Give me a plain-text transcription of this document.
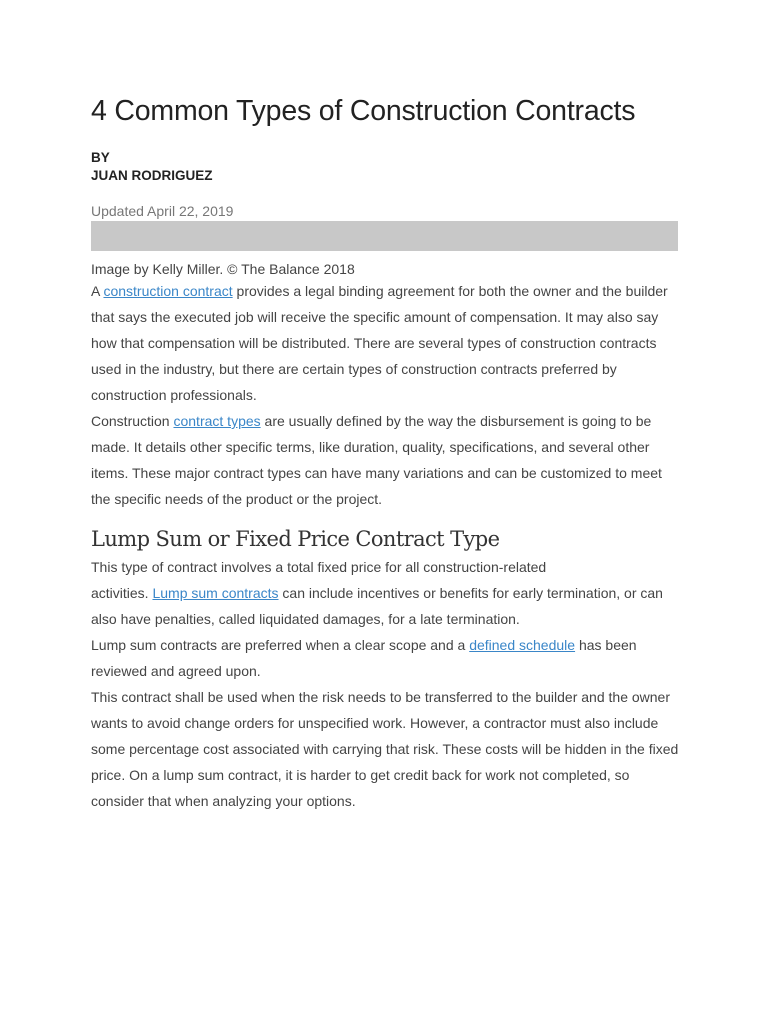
4 Common Types of Construction Contracts
BY
JUAN RODRIGUEZ
Updated April 22, 2019
Image by Kelly Miller. © The Balance 2018

A construction contract provides a legal binding agreement for both the owner and the builder that says the executed job will receive the specific amount of compensation. It may also say how that compensation will be distributed. There are several types of construction contracts used in the industry, but there are certain types of construction contracts preferred by construction professionals.

Construction contract types are usually defined by the way the disbursement is going to be made. It details other specific terms, like duration, quality, specifications, and several other items. These major contract types can have many variations and can be customized to meet the specific needs of the product or the project.

Lump Sum or Fixed Price Contract Type

This type of contract involves a total fixed price for all construction-related
activities. Lump sum contracts can include incentives or benefits for early termination, or can also have penalties, called liquidated damages, for a late termination.

Lump sum contracts are preferred when a clear scope and a defined schedule has been reviewed and agreed upon.

This contract shall be used when the risk needs to be transferred to the builder and the owner wants to avoid change orders for unspecified work. However, a contractor must also include some percentage cost associated with carrying that risk. These costs will be hidden in the fixed price. On a lump sum contract, it is harder to get credit back for work not completed, so consider that when analyzing your options.
